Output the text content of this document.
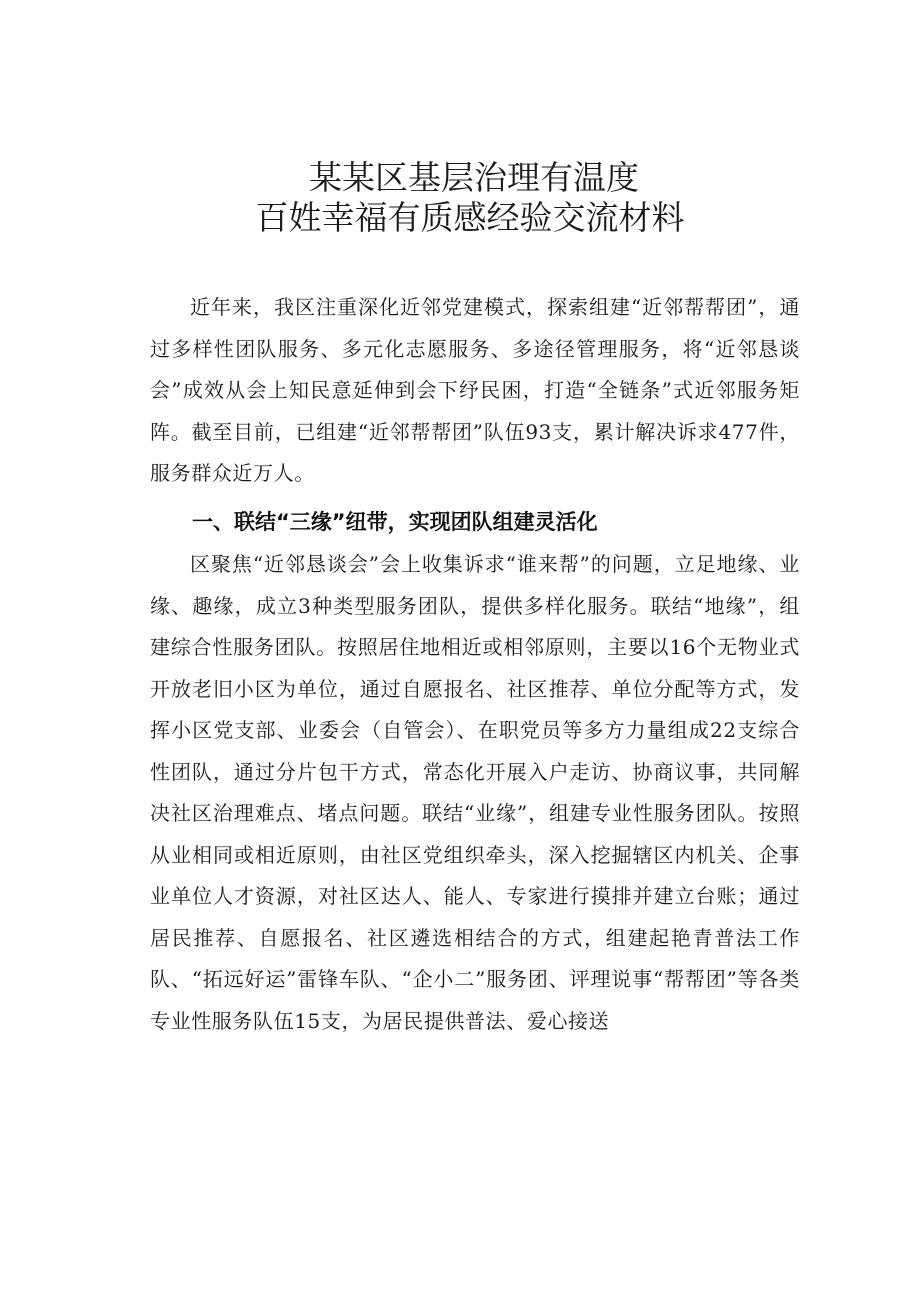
某某区基层治理有温度
百姓幸福有质感经验交流材料

近年来，我区注重深化近邻党建模式，探索组建“近邻帮帮团”，通过多样性团队服务、多元化志愿服务、多途径管理服务，将“近邻恳谈会”成效从会上知民意延伸到会下纾民困，打造“全链条”式近邻服务矩阵。截至目前，已组建“近邻帮帮团”队伍93支，累计解决诉求477件，服务群众近万人。

一、联结“三缘”纽带，实现团队组建灵活化

区聚焦“近邻恳谈会”会上收集诉求“谁来帮”的问题，立足地缘、业缘、趣缘，成立3种类型服务团队，提供多样化服务。联结“地缘”，组建综合性服务团队。按照居住地相近或相邻原则，主要以16个无物业式开放老旧小区为单位，通过自愿报名、社区推荐、单位分配等方式，发挥小区党支部、业委会（自管会）、在职党员等多方力量组成22支综合性团队，通过分片包干方式，常态化开展入户走访、协商议事，共同解决社区治理难点、堵点问题。联结“业缘”，组建专业性服务团队。按照从业相同或相近原则，由社区党组织牵头，深入挖掘辖区内机关、企事业单位人才资源，对社区达人、能人、专家进行摸排并建立台账；通过居民推荐、自愿报名、社区遴选相结合的方式，组建起艳青普法工作队、“拓远好运”雷锋车队、“企小二”服务团、评理说事“帮帮团”等各类专业性服务队伍15支，为居民提供普法、爱心接送
